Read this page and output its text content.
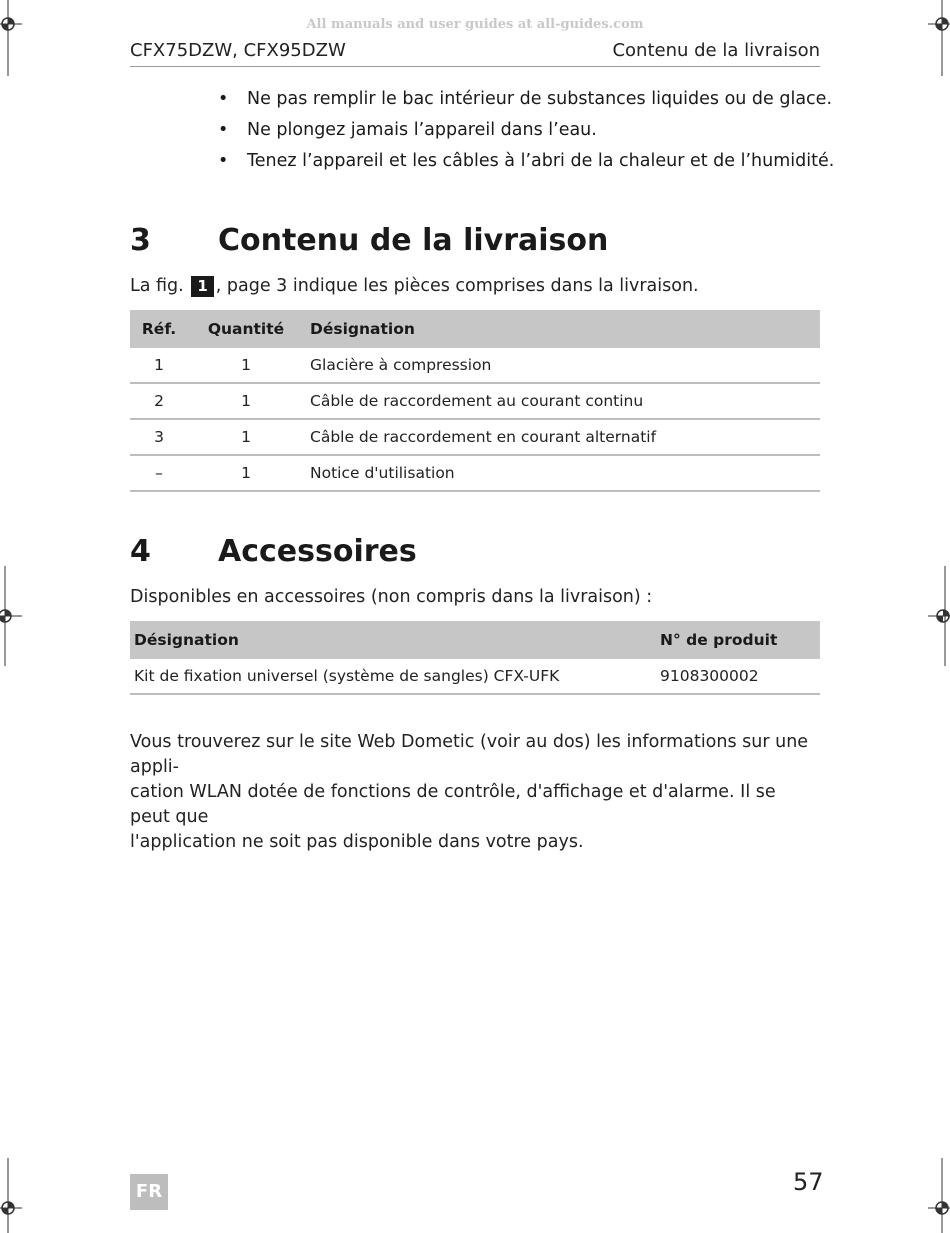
All manuals and user guides at all-guides.com
CFX75DZW, CFX95DZW	Contenu de la livraison
• Ne pas remplir le bac intérieur de substances liquides ou de glace.
• Ne plongez jamais l’appareil dans l’eau.
• Tenez l’appareil et les câbles à l’abri de la chaleur et de l’humidité.
3 Contenu de la livraison
La fig. 1 , page 3 indique les pièces comprises dans la livraison.
Réf.	Quantité	Désignation
1	1	Glacière à compression
2	1	Câble de raccordement au courant continu
3	1	Câble de raccordement en courant alternatif
–	1	Notice d'utilisation
4 Accessoires
Disponibles en accessoires (non compris dans la livraison) :
Désignation	N° de produit
Kit de fixation universel (système de sangles) CFX-UFK	9108300002
Vous trouverez sur le site Web Dometic (voir au dos) les informations sur une appli-
cation WLAN dotée de fonctions de contrôle, d'affichage et d'alarme. Il se peut que
l'application ne soit pas disponible dans votre pays.
57
FR
